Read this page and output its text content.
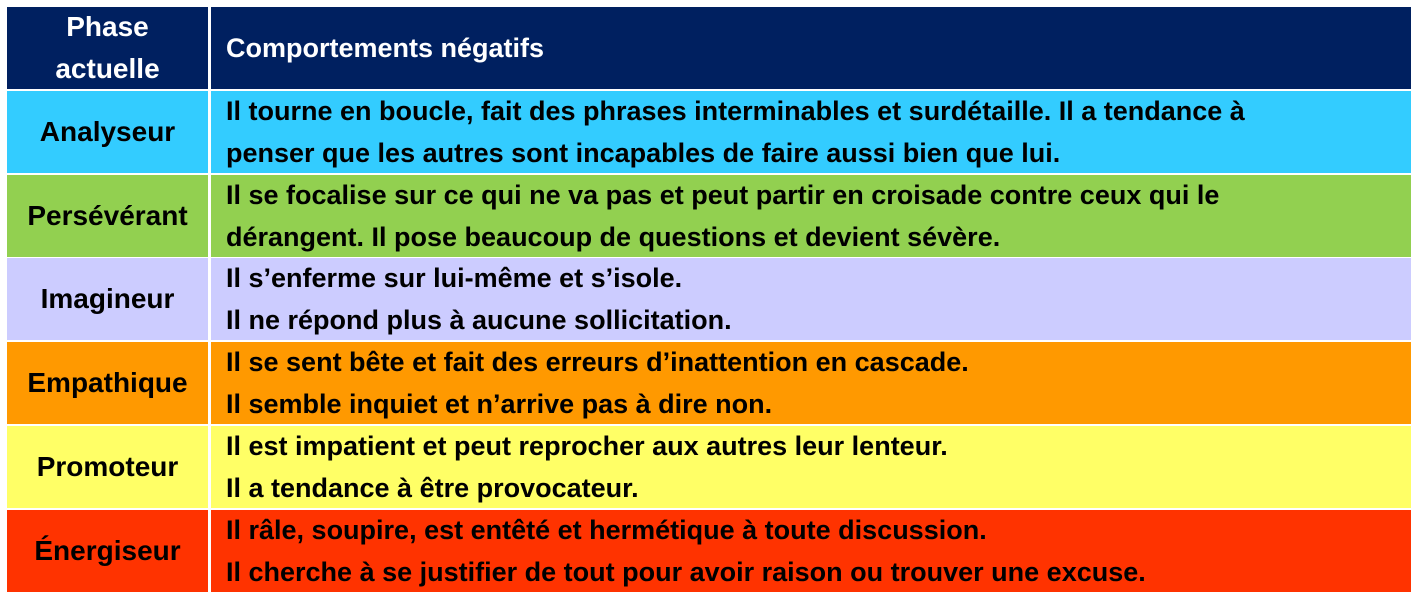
Phase
actuelle
Comportements négatifs
Analyseur
Il tourne en boucle, fait des phrases interminables et surdétaille. Il a tendance à
penser que les autres sont incapables de faire aussi bien que lui.
Persévérant
Il se focalise sur ce qui ne va pas et peut partir en croisade contre ceux qui le
dérangent. Il pose beaucoup de questions et devient sévère.
Imagineur
Il s’enferme sur lui-même et s’isole.
Il ne répond plus à aucune sollicitation.
Empathique
Il se sent bête et fait des erreurs d’inattention en cascade.
Il semble inquiet et n’arrive pas à dire non.
Promoteur
Il est impatient et peut reprocher aux autres leur lenteur.
Il a tendance à être provocateur.
Énergiseur
Il râle, soupire, est entêté et hermétique à toute discussion.
Il cherche à se justifier de tout pour avoir raison ou trouver une excuse.
